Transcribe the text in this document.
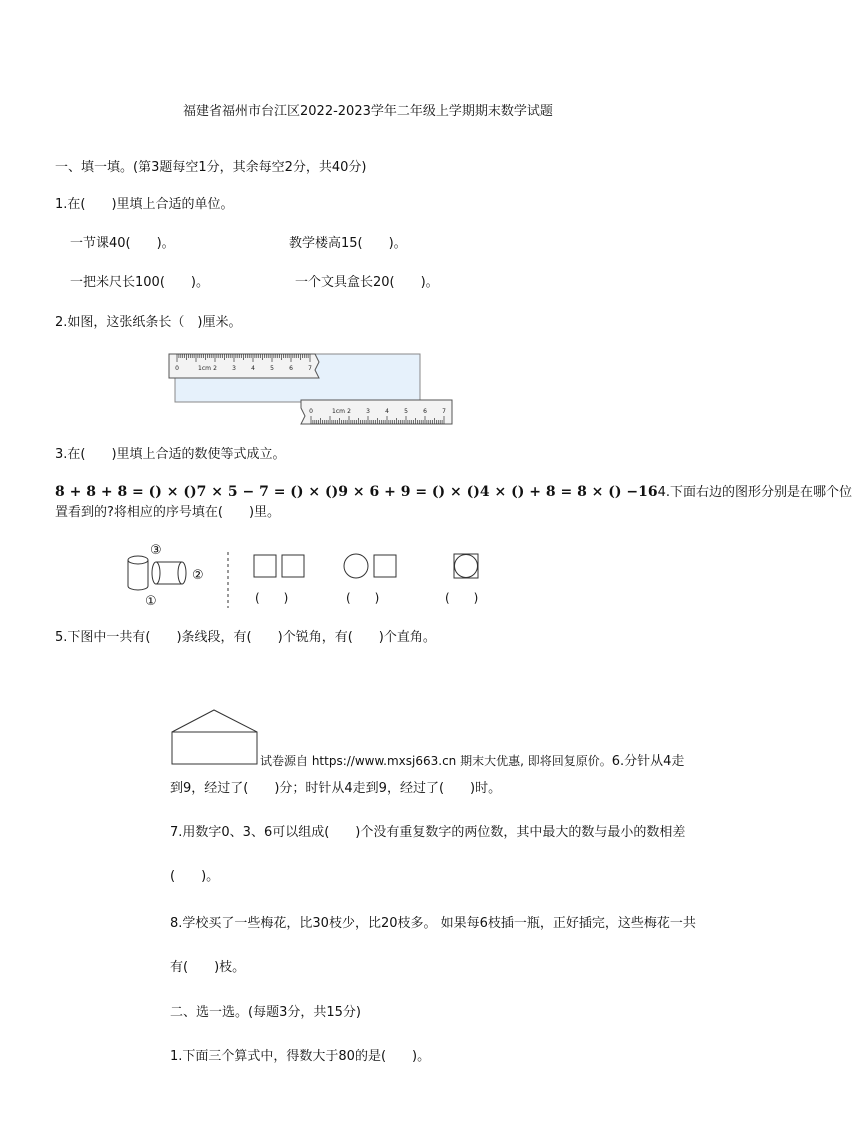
福建省福州市台江区2022-2023学年二年级上学期期末数学试题
一、填一填。(第3题每空1分，其余每空2分，共40分)
1.在(　　)里填上合适的单位。
一节课40(　　)。	教学楼高15(　　)。
一把米尺长100(　　)。	一个文具盒长20(　　)。
2.如图，这张纸条长（　)厘米。
0	1cm 2	3	4	5	6	7
0	1cm 2	3	4	5	6	7
3.在(　　)里填上合适的数使等式成立。
8 + 8 + 8 = () × ()7 × 5 − 7 = () × ()9 × 6 + 9 = () × ()4 × () + 8 = 8 × () −164.下面右边的图形分别是在哪个位
置看到的?将相应的序号填在(　　)里。
③
②
①	(　　)	(　　)	(　　)
5.下图中一共有(　　)条线段，有(　　)个锐角，有(　　)个直角。
试卷源自 https://www.mxsj663.cn 期末大优惠, 即将回复原价。6.分针从4走
到9，经过了(　　)分；时针从4走到9，经过了(　　)时。
7.用数字0、3、6可以组成(　　)个没有重复数字的两位数，其中最大的数与最小的数相差
(　　)。
8.学校买了一些梅花，比30枝少，比20枝多。 如果每6枝插一瓶，正好插完，这些梅花一共
有(　　)枝。
二、选一选。(每题3分，共15分)
1.下面三个算式中，得数大于80的是(　　)。
